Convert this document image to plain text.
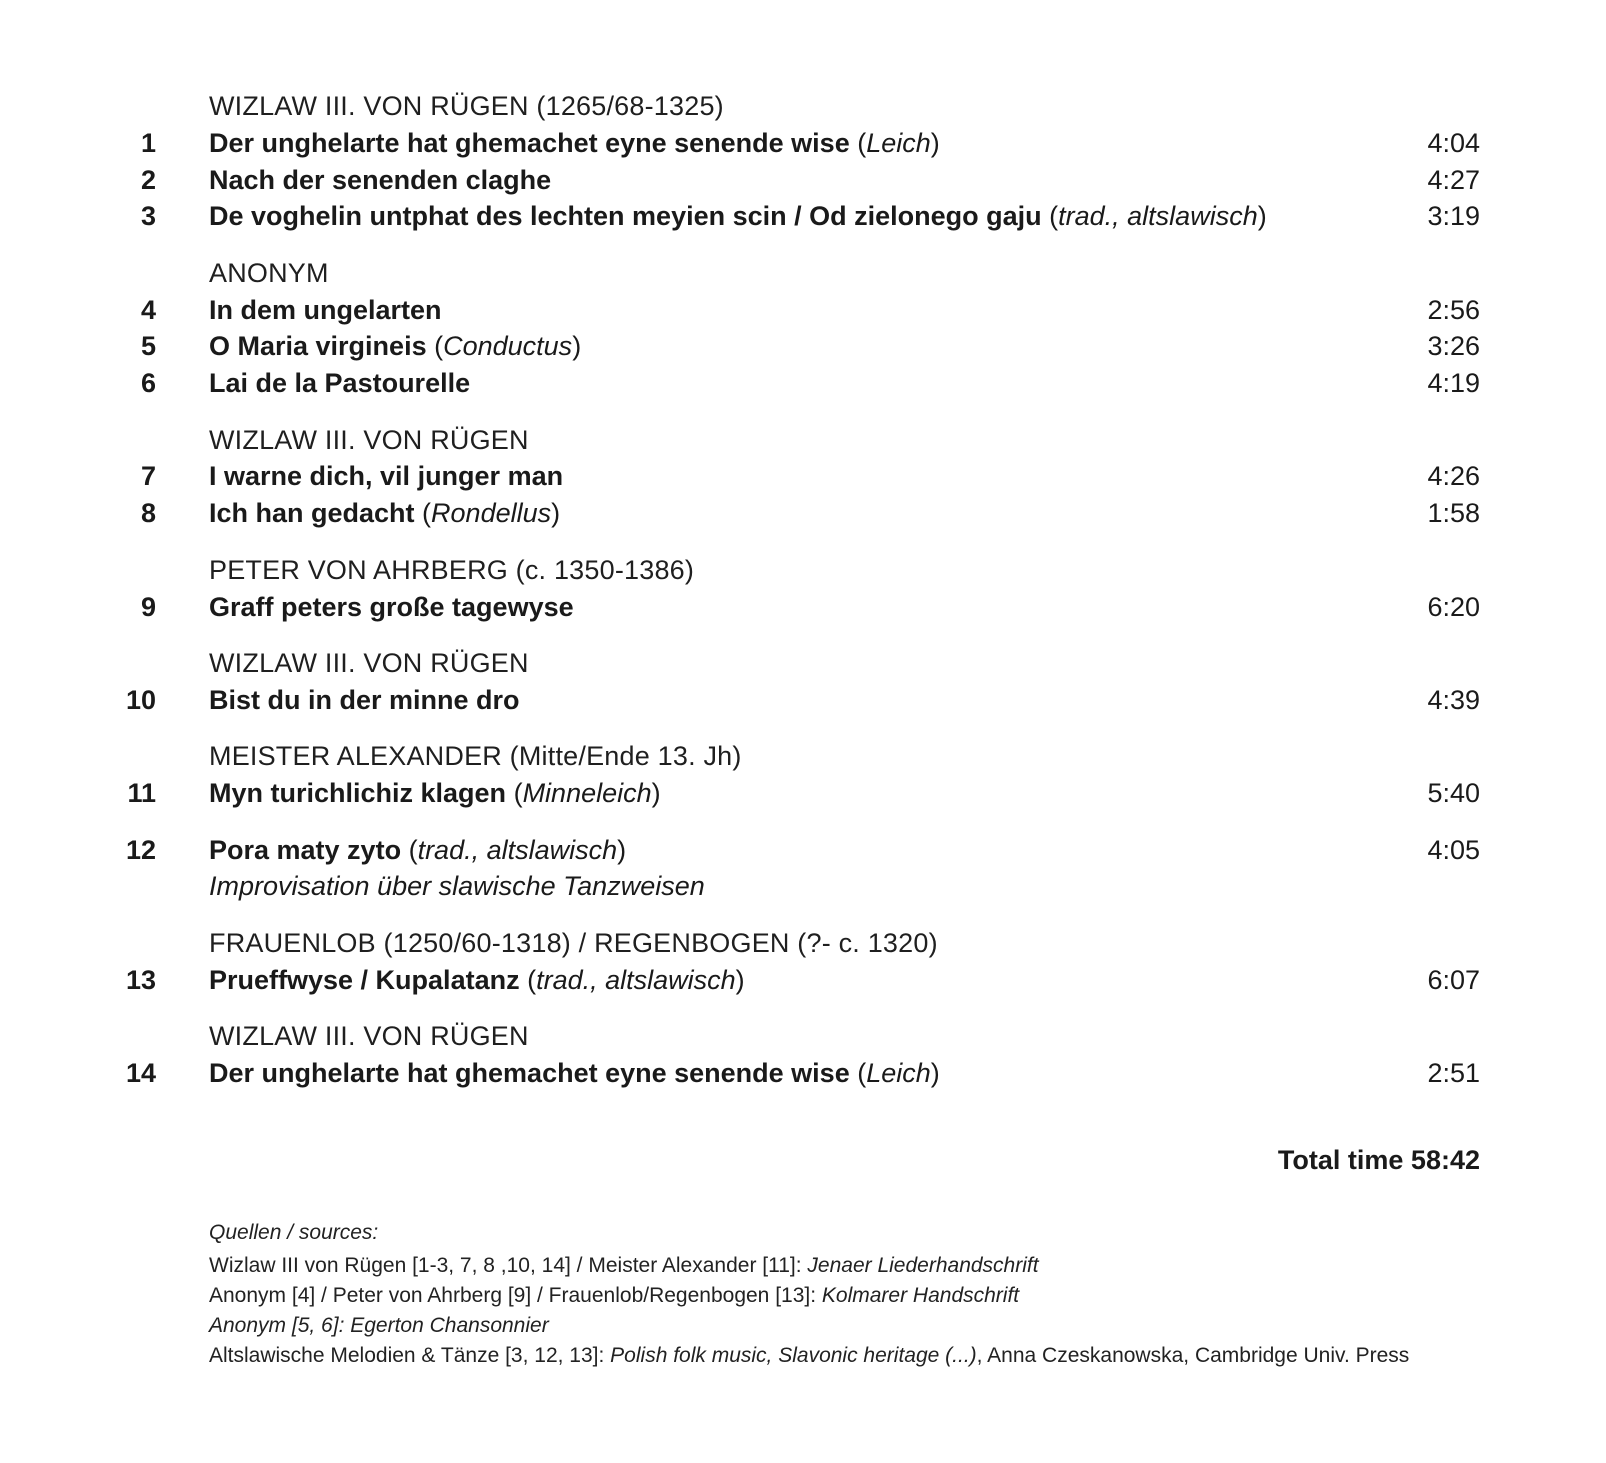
WIZLAW III. VON RÜGEN (1265/68-1325)
1 Der unghelarte hat ghemachet eyne senende wise (Leich)	4:04
2 Nach der senenden claghe	4:27
3 De voghelin untphat des lechten meyien scin / Od zielonego gaju (trad., altslawisch)	3:19
ANONYM
4 In dem ungelarten	2:56
5 O Maria virgineis (Conductus)	3:26
6 Lai de la Pastourelle	4:19
WIZLAW III. VON RÜGEN
7 I warne dich, vil junger man	4:26
8 Ich han gedacht (Rondellus)	1:58
PETER VON AHRBERG (c. 1350-1386)
9 Graff peters große tagewyse	6:20
WIZLAW III. VON RÜGEN
10 Bist du in der minne dro	4:39
MEISTER ALEXANDER (Mitte/Ende 13. Jh)
11 Myn turichlichiz klagen (Minneleich)	5:40
12 Pora maty zyto (trad., altslawisch)	4:05
Improvisation über slawische Tanzweisen
FRAUENLOB (1250/60-1318) / REGENBOGEN (?- c. 1320)
13 Prueffwyse / Kupalatanz (trad., altslawisch)	6:07
WIZLAW III. VON RÜGEN
14 Der unghelarte hat ghemachet eyne senende wise (Leich)	2:51
Total time 58:42
Quellen / sources:
Wizlaw III von Rügen [1-3, 7, 8 ,10, 14] / Meister Alexander [11]: Jenaer Liederhandschrift
Anonym [4] / Peter von Ahrberg [9] / Frauenlob/Regenbogen [13]: Kolmarer Handschrift
Anonym [5, 6]: Egerton Chansonnier
Altslawische Melodien & Tänze [3, 12, 13]: Polish folk music, Slavonic heritage (...), Anna Czeskanowska, Cambridge Univ. Press
